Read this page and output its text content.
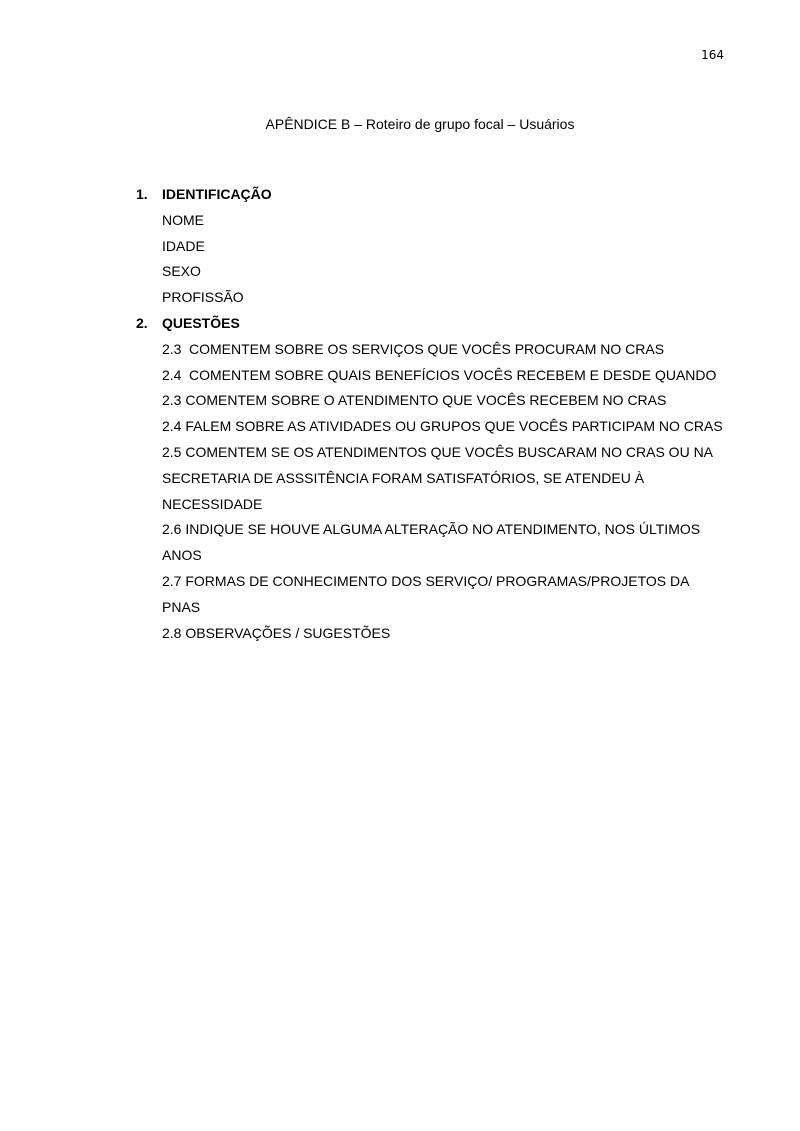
164
APÊNDICE B – Roteiro de grupo focal – Usuários
1.	IDENTIFICAÇÃO
NOME
IDADE
SEXO
PROFISSÃO
2.	QUESTÕES
2.3 COMENTEM SOBRE OS SERVIÇOS QUE VOCÊS PROCURAM NO CRAS
2.4 COMENTEM SOBRE QUAIS BENEFÍCIOS VOCÊS RECEBEM E DESDE QUANDO
2.3 COMENTEM SOBRE O ATENDIMENTO QUE VOCÊS RECEBEM NO CRAS
2.4 FALEM SOBRE AS ATIVIDADES OU GRUPOS QUE VOCÊS PARTICIPAM NO CRAS
2.5 COMENTEM SE OS ATENDIMENTOS QUE VOCÊS BUSCARAM NO CRAS OU NA SECRETARIA DE ASSSITÊNCIA FORAM SATISFATÓRIOS, SE ATENDEU À NECESSIDADE
2.6 INDIQUE SE HOUVE ALGUMA ALTERAÇÃO NO ATENDIMENTO, NOS ÚLTIMOS ANOS
2.7 FORMAS DE CONHECIMENTO DOS SERVIÇO/ PROGRAMAS/PROJETOS DA PNAS
2.8 OBSERVAÇÕES / SUGESTÕES
